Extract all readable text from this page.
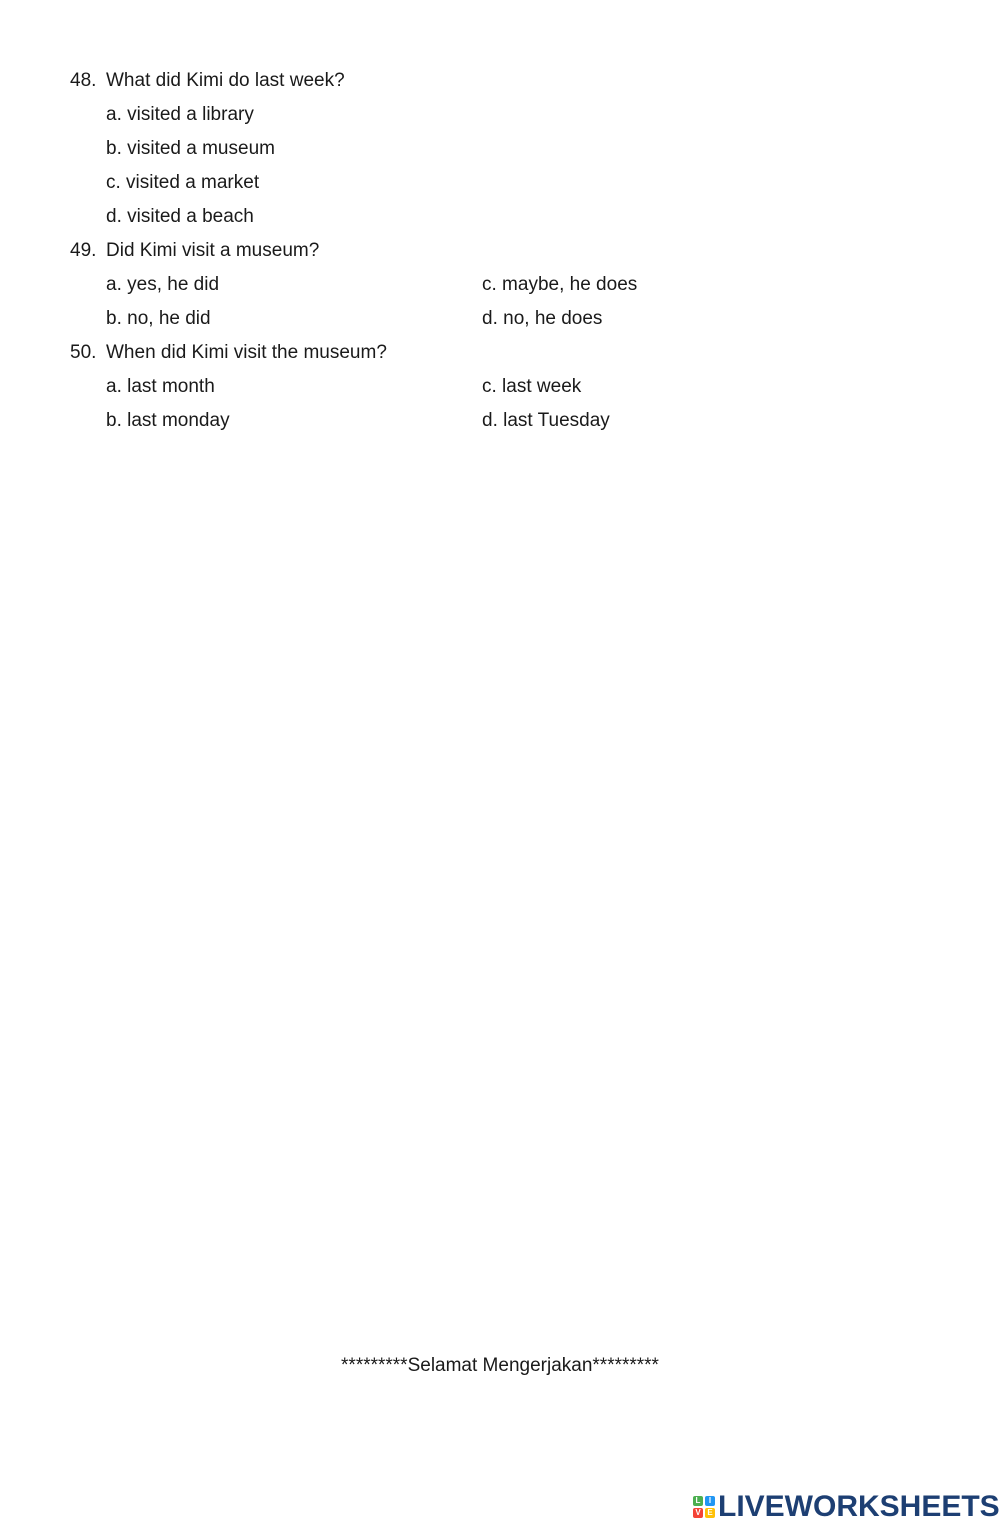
48. What did Kimi do last week?
a. visited a library
b. visited a museum
c. visited a market
d. visited a beach
49. Did Kimi visit a museum?
a. yes, he did	c. maybe, he does
b. no, he did	d. no, he does
50. When did Kimi visit the museum?
a. last month	c. last week
b. last monday	d. last Tuesday
*********Selamat Mengerjakan*********
L	I
V E LIVEWORKSHEETS
